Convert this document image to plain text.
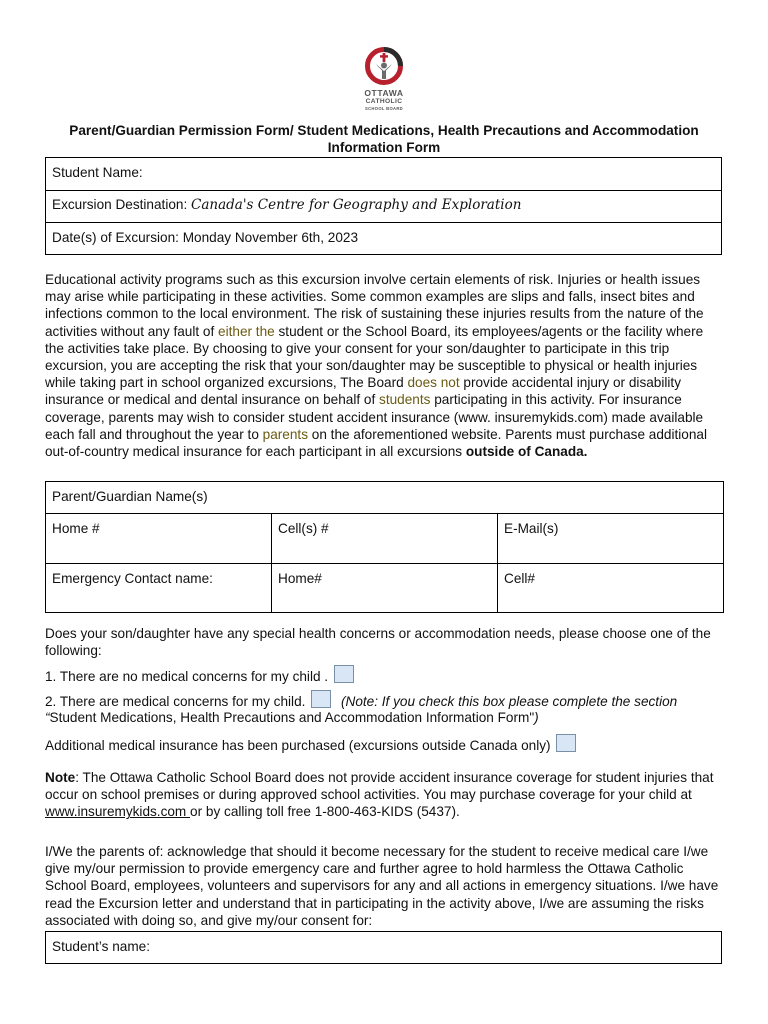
OTTAWA
CATHOLIC
SCHOOL BOARD
Parent/Guardian Permission Form/ Student Medications, Health Precautions and Accommodation Information Form
Student Name:
Excursion Destination: Canada's Centre for Geography and Exploration
Date(s) of Excursion: Monday November 6th, 2023
Educational activity programs such as this excursion involve certain elements of risk. Injuries or health issues may arise while participating in these activities. Some common examples are slips and falls, insect bites and infections common to the local environment. The risk of sustaining these injuries results from the nature of the activities without any fault of either the student or the School Board, its employees/agents or the facility where the activities take place. By choosing to give your consent for your son/daughter to participate in this trip excursion, you are accepting the risk that your son/daughter may be susceptible to physical or health injuries while taking part in school organized excursions, The Board does not provide accidental injury or disability insurance or medical and dental insurance on behalf of students participating in this activity. For insurance coverage, parents may wish to consider student accident insurance (www. insuremykids.com) made available each fall and throughout the year to parents on the aforementioned website. Parents must purchase additional out-of-country medical insurance for each participant in all excursions outside of Canada.
Parent/Guardian Name(s)		
Home #	Cell(s) #	E-Mail(s)
Emergency Contact name:	Home#	Cell#
Does your son/daughter have any special health concerns or accommodation needs, please choose one of the following:
1. There are no medical concerns for my child .
2. There are medical concerns for my child.	(Note: If you check this box please complete the section
“Student Medications, Health Precautions and Accommodation Information Form")
Additional medical insurance has been purchased (excursions outside Canada only)
Note: The Ottawa Catholic School Board does not provide accident insurance coverage for student injuries that occur on school premises or during approved school activities. You may purchase coverage for your child at www.insuremykids.com or by calling toll free 1-800-463-KIDS (5437).
I/We the parents of: acknowledge that should it become necessary for the student to receive medical care I/we give my/our permission to provide emergency care and further agree to hold harmless the Ottawa Catholic School Board, employees, volunteers and supervisors for any and all actions in emergency situations. I/we have read the Excursion letter and understand that in participating in the activity above, I/we are assuming the risks associated with doing so, and give my/our consent for:
Student’s name:
